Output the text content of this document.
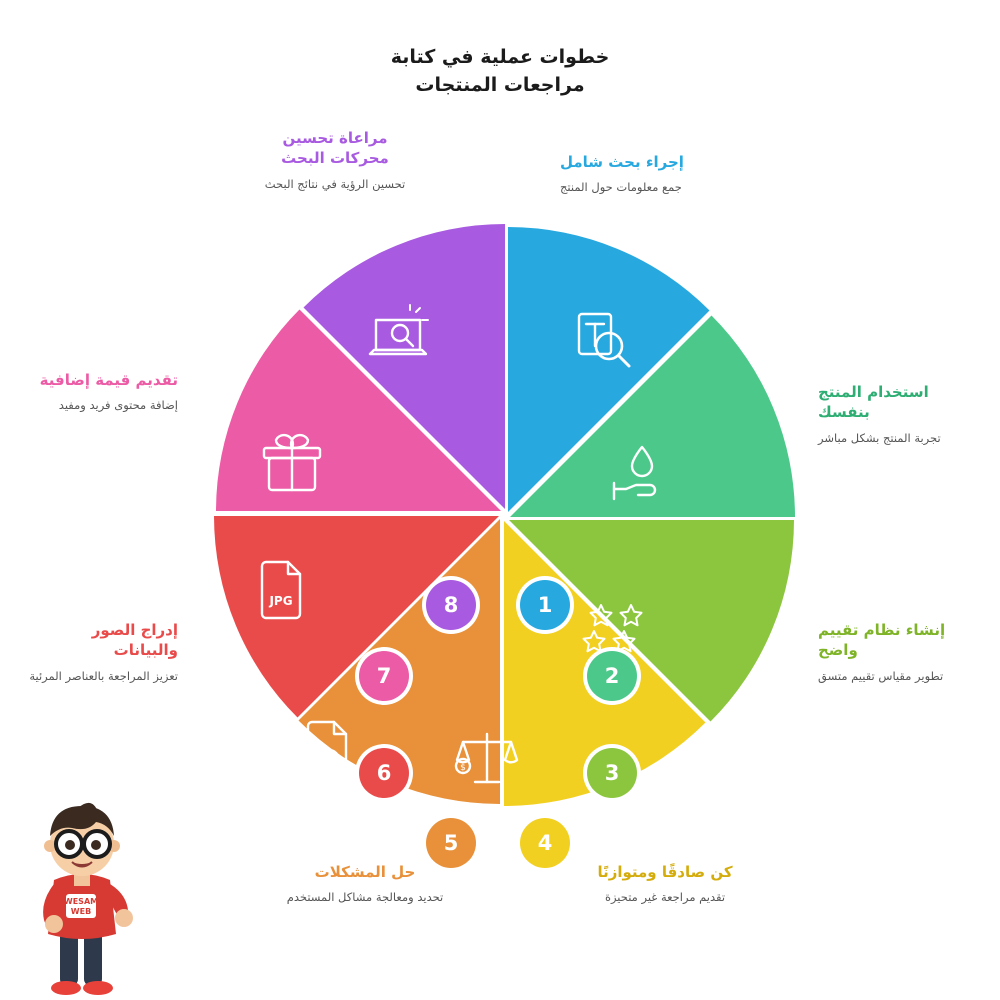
خطوات عملية في كتابة
مراجعات المنتجات
$
JPG	1
2
3
4
5
6
7
8

إجراء بحث شامل

جمع معلومات حول المنتج

استخدام المنتج بنفسك

تجربة المنتج بشكل مباشر

إنشاء نظام تقييم واضح

تطوير مقياس تقييم متسق

كن صادقًا ومتوازنًا

تقديم مراجعة غير متحيزة

حل المشكلات

تحديد ومعالجة مشاكل المستخدم

إدراج الصور والبيانات

تعزيز المراجعة بالعناصر المرئية

تقديم قيمة إضافية

إضافة محتوى فريد ومفيد

مراعاة تحسين محركات البحث

تحسين الرؤية في نتائج البحث

WESAM
WEB
